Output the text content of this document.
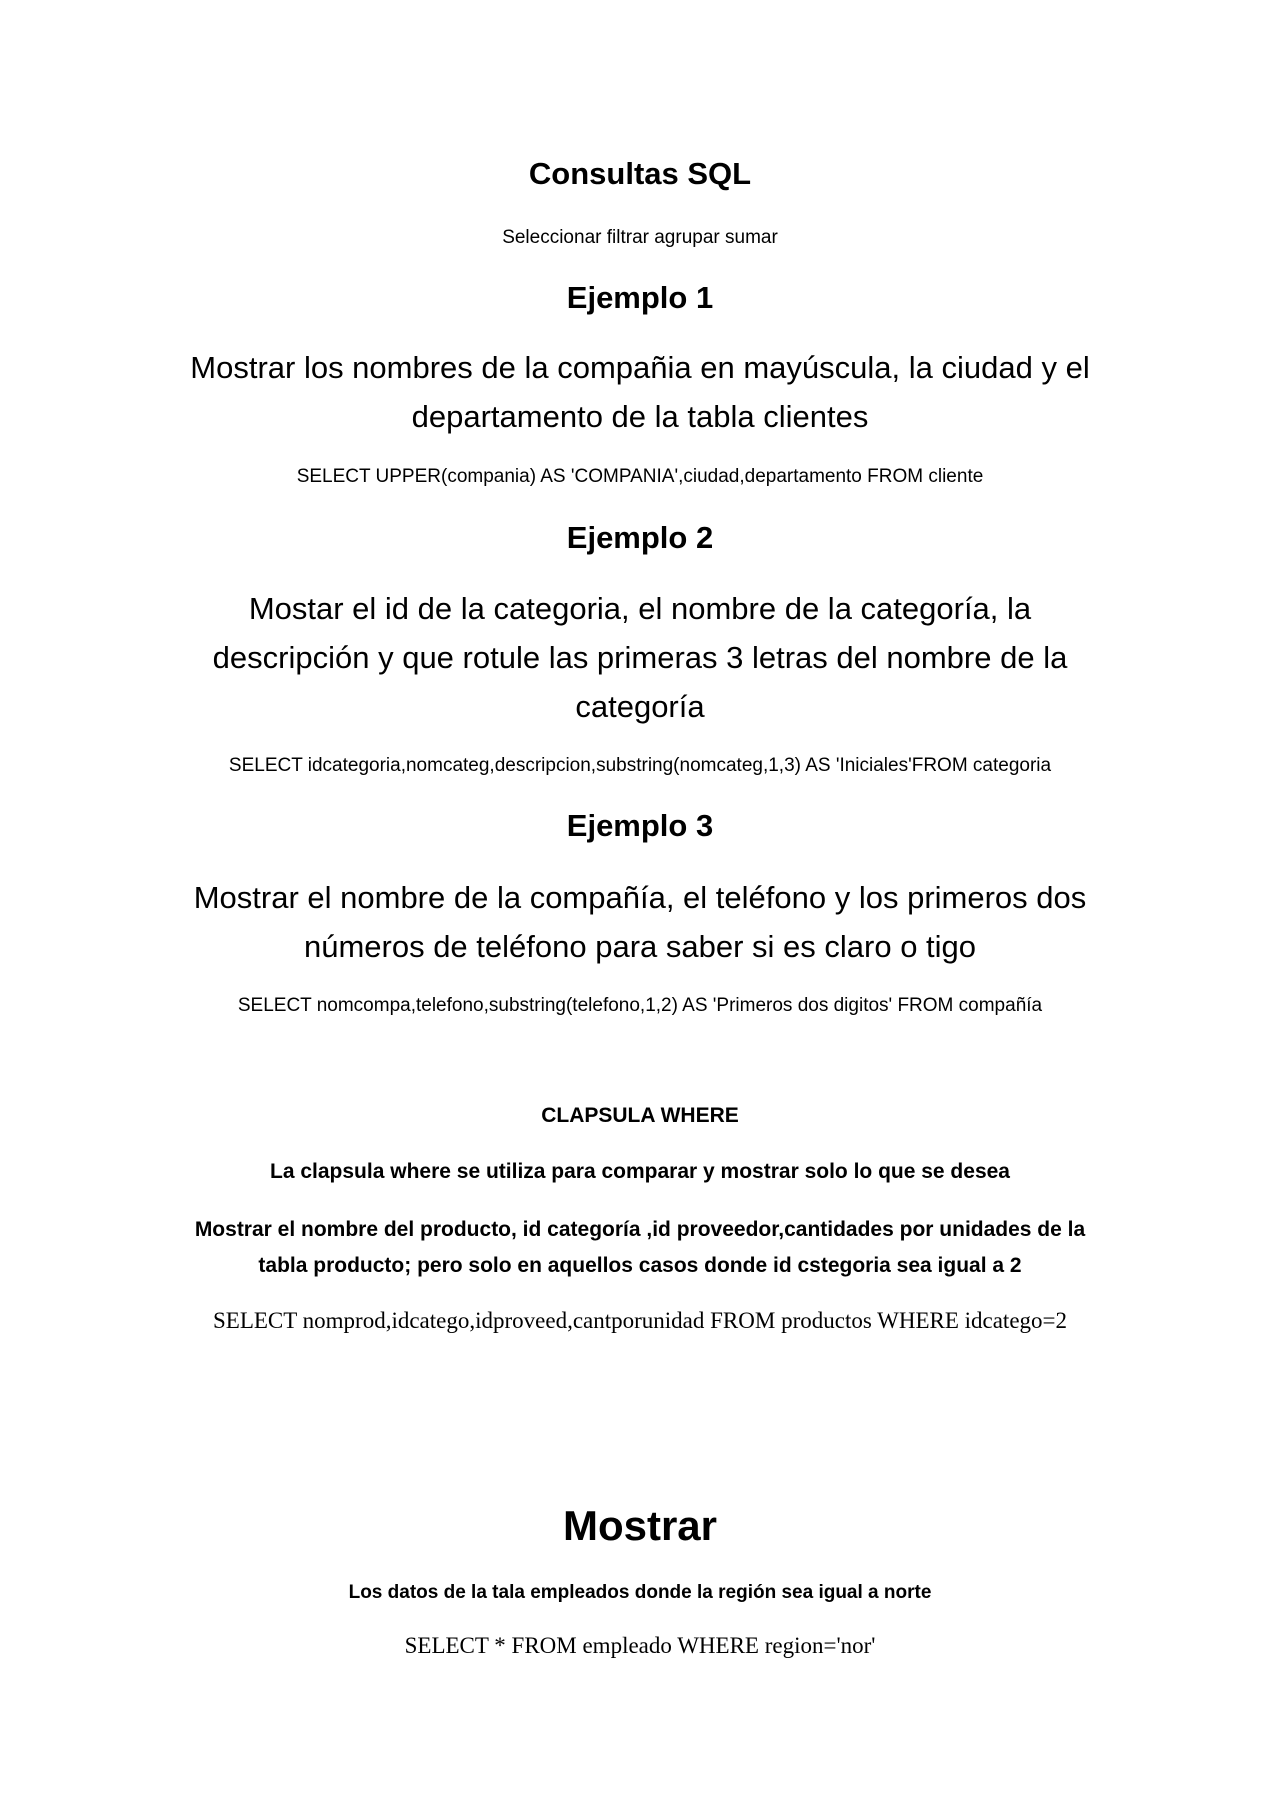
Consultas SQL

Seleccionar filtrar agrupar sumar

Ejemplo 1

Mostrar los nombres de la compañia en mayúscula, la ciudad y el departamento de la tabla clientes

SELECT UPPER(compania) AS 'COMPANIA',ciudad,departamento FROM cliente

Ejemplo 2

Mostar el id de la categoria, el nombre de la categoría, la descripción y que rotule las primeras 3 letras del nombre de la categoría

SELECT idcategoria,nomcateg,descripcion,substring(nomcateg,1,3) AS 'Iniciales'FROM categoria

Ejemplo 3

Mostrar el nombre de la compañía, el teléfono y los primeros dos números de teléfono para saber si es claro o tigo

SELECT nomcompa,telefono,substring(telefono,1,2) AS 'Primeros dos digitos' FROM compañía

CLAPSULA WHERE

La clapsula where se utiliza para comparar y mostrar solo lo que se desea

Mostrar el nombre del producto, id categoría ,id proveedor,cantidades por unidades de la tabla producto; pero solo en aquellos casos donde id cstegoria sea igual a 2

SELECT nomprod,idcatego,idproveed,cantporunidad FROM productos WHERE idcatego=2

Mostrar

Los datos de la tala empleados donde la región sea igual a norte

SELECT * FROM empleado WHERE region='nor'
